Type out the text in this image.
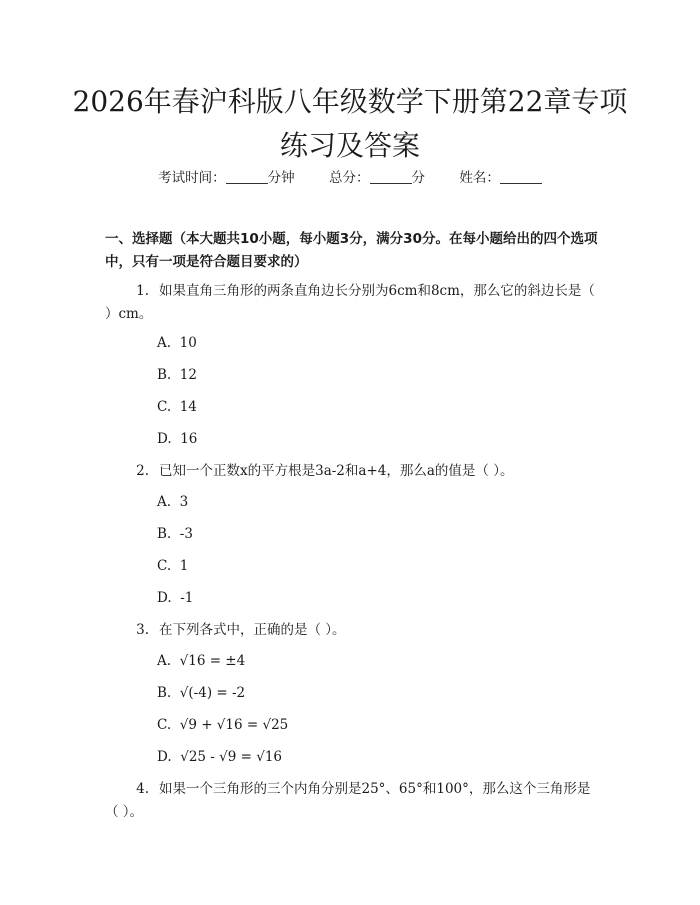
2026年春沪科版八年级数学下册第22章专项练习及答案
考试时间：	分钟	总分：	分	姓名：

一、选择题（本大题共10小题，每小题3分，满分30分。在每小题给出的四个选项中，只有一项是符合题目要求的）

1. 如果直角三角形的两条直角边长分别为6cm和8cm，那么它的斜边长是（ ）cm。
A.  10
B.  12
C.  14
D.  16
2. 已知一个正数x的平方根是3a-2和a+4，那么a的值是（ ）。
A.  3
B.  -3
C.  1
D.  -1
3. 在下列各式中，正确的是（ ）。
A.  √16 = ±4
B.  √(-4) = -2
C.  √9 + √16 = √25
D.  √25 - √9 = √16
4. 如果一个三角形的三个内角分别是25°、65°和100°，那么这个三角形是（ ）。
